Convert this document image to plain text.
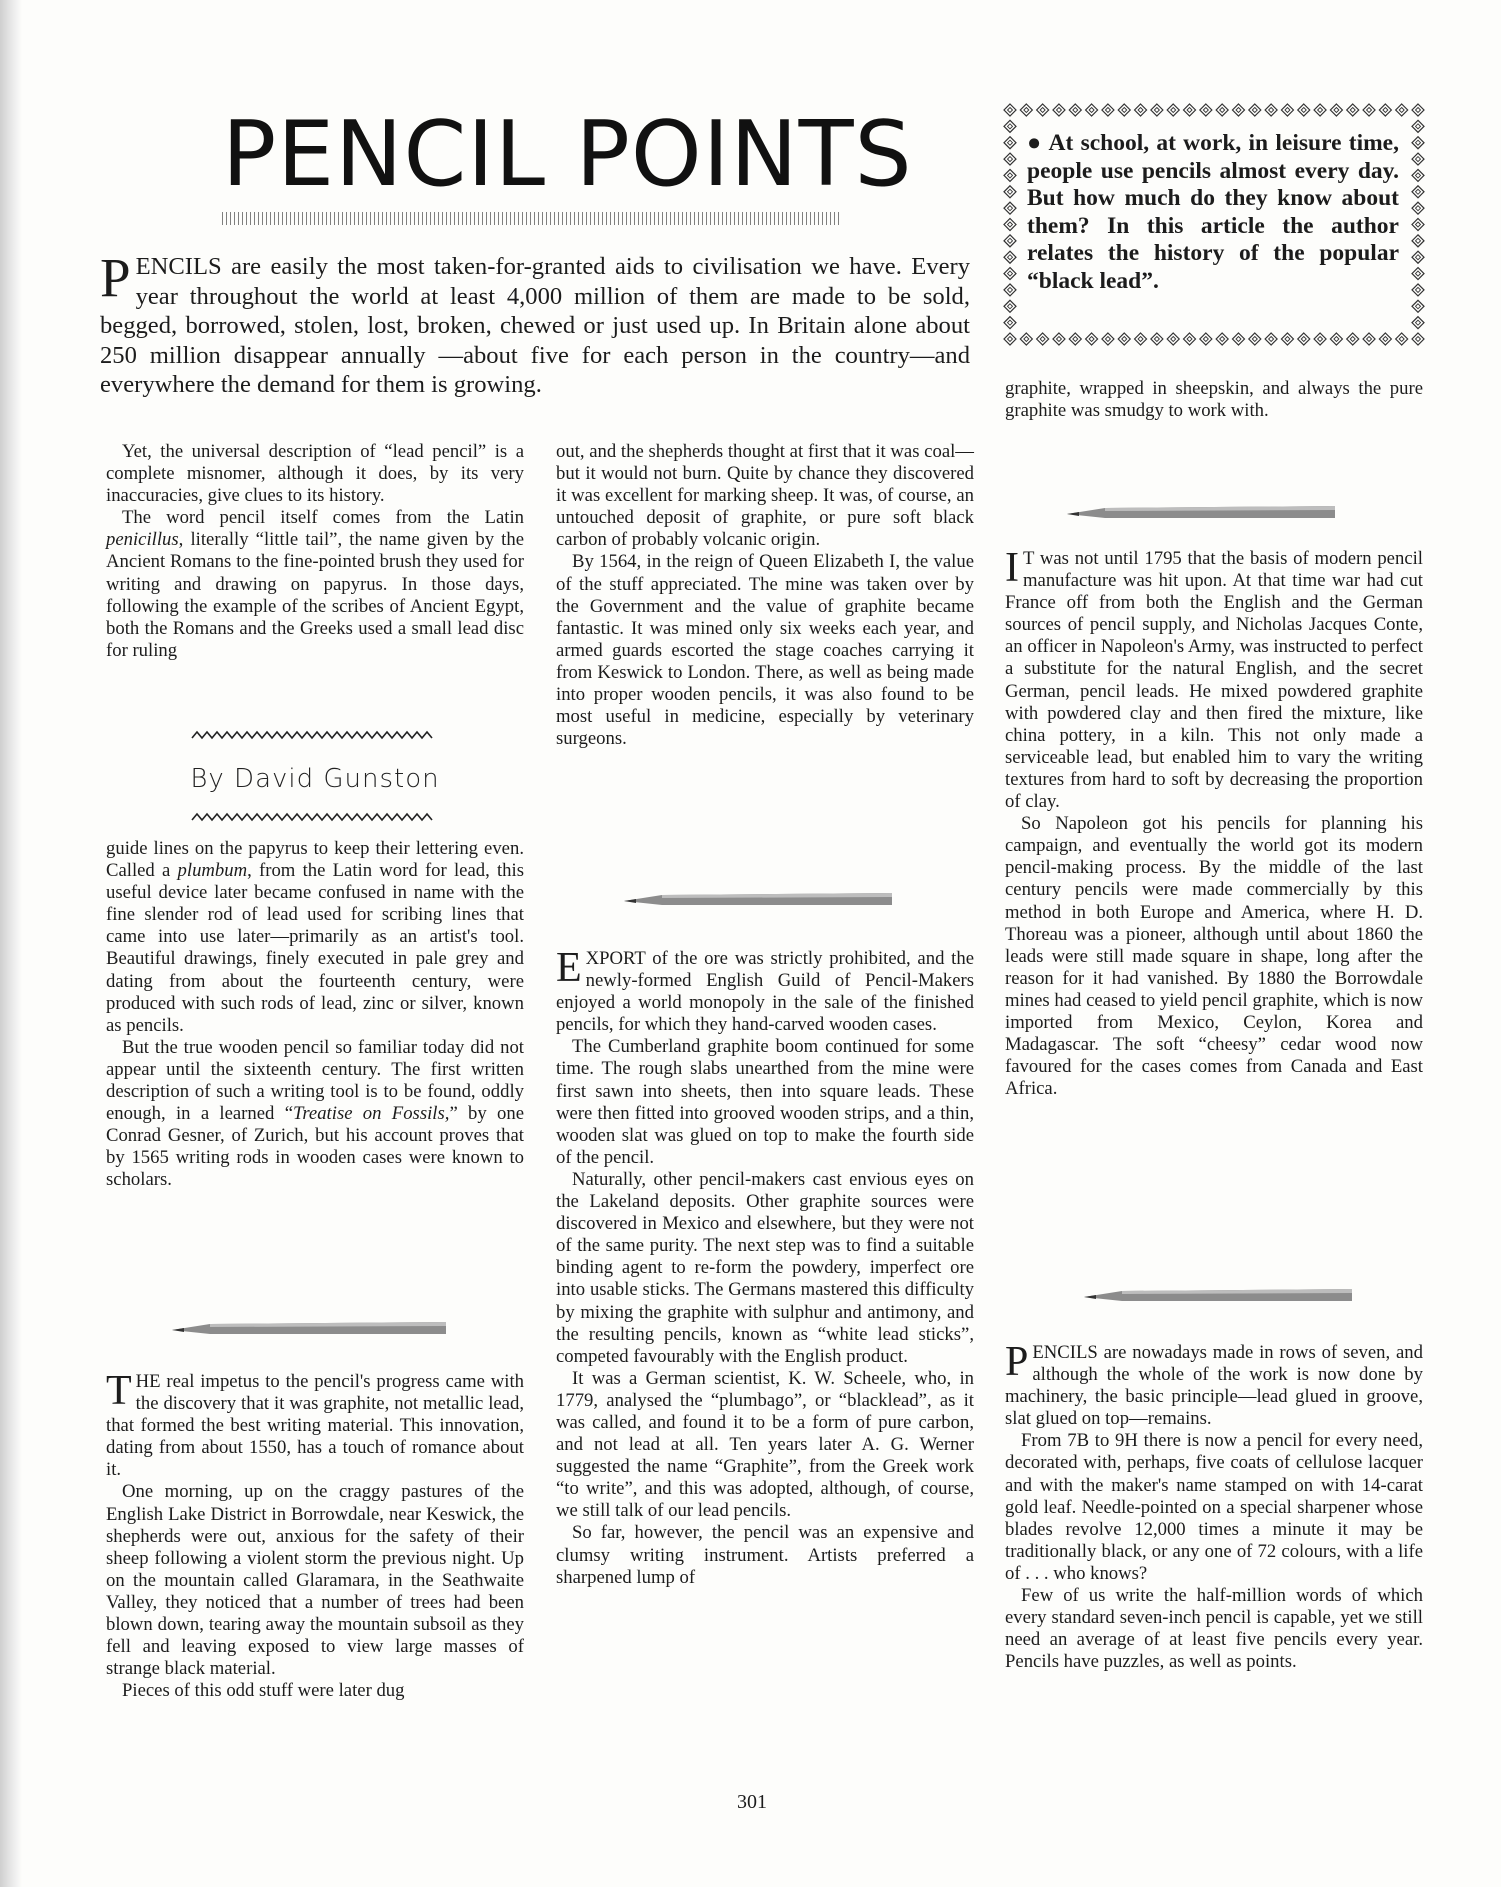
PENCIL POINTS

PENCILS are easily the most taken-for-granted aids to civilisation we have. Every year throughout the world at least 4,000 million of them are made to be sold, begged, borrowed, stolen, lost, broken, chewed or just used up. In Britain alone about 250 million disappear annually —about five for each person in the country—and everywhere the demand for them is growing.

● At school, at work, in leisure time, people use pencils almost every day. But how much do they know about them? In this article the author relates the history of the popular “black lead”.

Yet, the universal description of “lead pencil” is a complete misnomer, although it does, by its very inaccuracies, give clues to its history.

The word pencil itself comes from the Latin penicillus, literally “little tail”, the name given by the Ancient Romans to the fine-pointed brush they used for writing and drawing on papyrus. In those days, following the example of the scribes of Ancient Egypt, both the Romans and the Greeks used a small lead disc for ruling

By David Gunston

guide lines on the papyrus to keep their lettering even. Called a plumbum, from the Latin word for lead, this useful device later became confused in name with the fine slender rod of lead used for scribing lines that came into use later—primarily as an artist's tool. Beautiful drawings, finely executed in pale grey and dating from about the fourteenth century, were produced with such rods of lead, zinc or silver, known as pencils.

But the true wooden pencil so familiar today did not appear until the sixteenth century. The first written description of such a writing tool is to be found, oddly enough, in a learned “Treatise on Fossils,” by one Conrad Gesner, of Zurich, but his account proves that by 1565 writing rods in wooden cases were known to scholars.

THE real impetus to the pencil's progress came with the discovery that it was graphite, not metallic lead, that formed the best writing material. This innovation, dating from about 1550, has a touch of romance about it.

One morning, up on the craggy pastures of the English Lake District in Borrowdale, near Keswick, the shepherds were out, anxious for the safety of their sheep following a violent storm the previous night. Up on the mountain called Glaramara, in the Seathwaite Valley, they noticed that a number of trees had been blown down, tearing away the mountain subsoil as they fell and leaving exposed to view large masses of strange black material.

Pieces of this odd stuff were later dug

out, and the shepherds thought at first that it was coal—but it would not burn. Quite by chance they discovered it was excellent for marking sheep. It was, of course, an untouched deposit of graphite, or pure soft black carbon of probably volcanic origin.

By 1564, in the reign of Queen Elizabeth I, the value of the stuff appreciated. The mine was taken over by the Government and the value of graphite became fantastic. It was mined only six weeks each year, and armed guards escorted the stage coaches carrying it from Keswick to London. There, as well as being made into proper wooden pencils, it was also found to be most useful in medicine, especially by veterinary surgeons.

EXPORT of the ore was strictly prohibited, and the newly-formed English Guild of Pencil-Makers enjoyed a world monopoly in the sale of the finished pencils, for which they hand-carved wooden cases.

The Cumberland graphite boom continued for some time. The rough slabs unearthed from the mine were first sawn into sheets, then into square leads. These were then fitted into grooved wooden strips, and a thin, wooden slat was glued on top to make the fourth side of the pencil.

Naturally, other pencil-makers cast envious eyes on the Lakeland deposits. Other graphite sources were discovered in Mexico and elsewhere, but they were not of the same purity. The next step was to find a suitable binding agent to re-form the powdery, imperfect ore into usable sticks. The Germans mastered this difficulty by mixing the graphite with sulphur and antimony, and the resulting pencils, known as “white lead sticks”, competed favourably with the English product.

It was a German scientist, K. W. Scheele, who, in 1779, analysed the “plumbago”, or “blacklead”, as it was called, and found it to be a form of pure carbon, and not lead at all. Ten years later A. G. Werner suggested the name “Graphite”, from the Greek work “to write”, and this was adopted, although, of course, we still talk of our lead pencils.

So far, however, the pencil was an expensive and clumsy writing instrument. Artists preferred a sharpened lump of

graphite, wrapped in sheepskin, and always the pure graphite was smudgy to work with.

I T was not until 1795 that the basis of modern pencil manufacture was hit upon. At that time war had cut France off from both the English and the German sources of pencil supply, and Nicholas Jacques Conte, an officer in Napoleon's Army, was instructed to perfect a substitute for the natural English, and the secret German, pencil leads. He mixed powdered graphite with powdered clay and then fired the mixture, like china pottery, in a kiln. This not only made a serviceable lead, but enabled him to vary the writing textures from hard to soft by decreasing the proportion of clay.

So Napoleon got his pencils for planning his campaign, and eventually the world got its modern pencil-making process. By the middle of the last century pencils were made commercially by this method in both Europe and America, where H. D. Thoreau was a pioneer, although until about 1860 the leads were still made square in shape, long after the reason for it had vanished. By 1880 the Borrowdale mines had ceased to yield pencil graphite, which is now imported from Mexico, Ceylon, Korea and Madagascar. The soft “cheesy” cedar wood now favoured for the cases comes from Canada and East Africa.

PENCILS are nowadays made in rows of seven, and although the whole of the work is now done by machinery, the basic principle—lead glued in groove, slat glued on top—remains.

From 7B to 9H there is now a pencil for every need, decorated with, perhaps, five coats of cellulose lacquer and with the maker's name stamped on with 14-carat gold leaf. Needle-pointed on a special sharpener whose blades revolve 12,000 times a minute it may be traditionally black, or any one of 72 colours, with a life of . . . who knows?

Few of us write the half-million words of which every standard seven-inch pencil is capable, yet we still need an average of at least five pencils every year. Pencils have puzzles, as well as points.

301
